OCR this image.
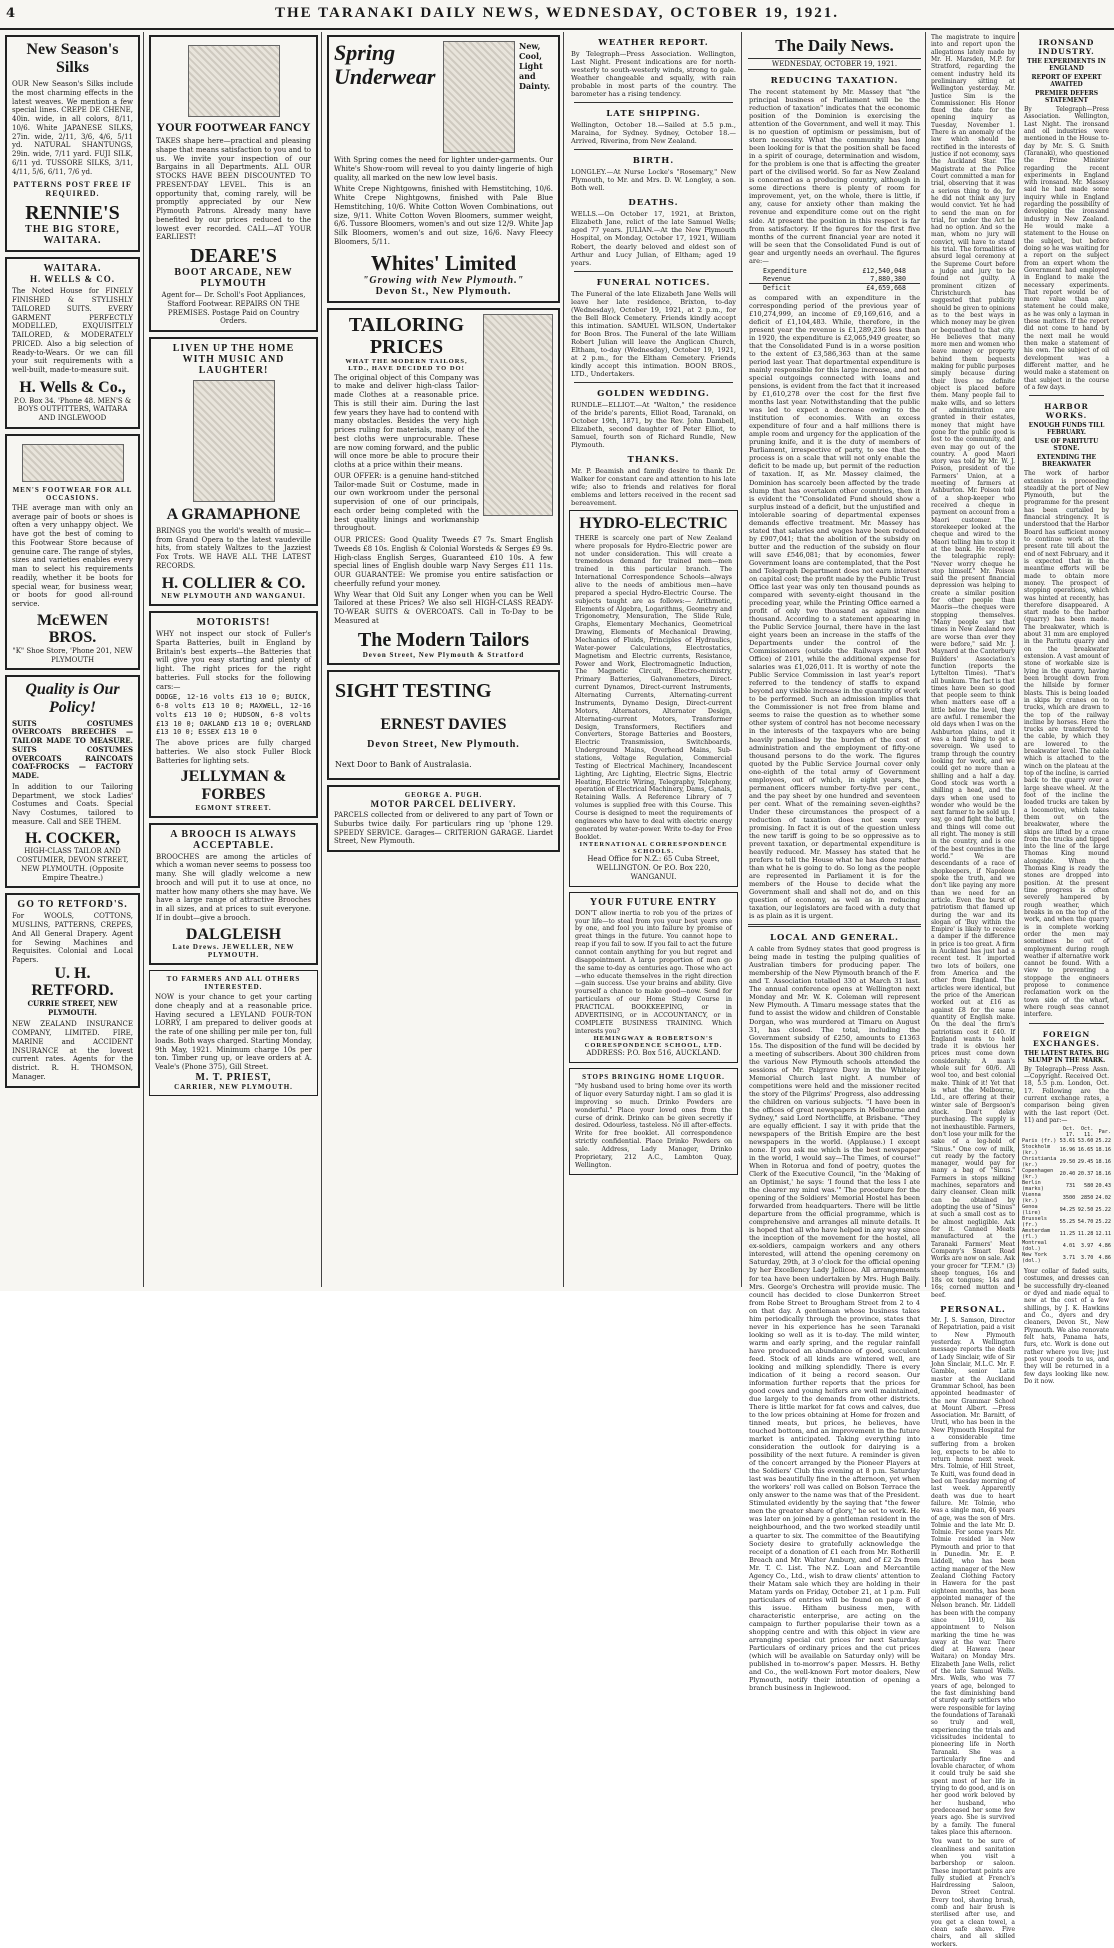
4	THE TARANAKI DAILY NEWS, WEDNESDAY, OCTOBER 19, 1921.
New Season's Silks
OUR New Season's Silks include the most charming effects in the latest weaves. We mention a few special lines. CREPE DE CHENE, 40in. wide, in all colors, 8/11, 10/6. White JAPANESE SILKS, 27in. wide, 2/11, 3/6, 4/6, 5/11 yd. NATURAL SHANTUNGS, 29in. wide, 7/11 yard. FUJI SILK, 6/11 yd. TUSSORE SILKS, 3/11, 4/11, 5/6, 6/11, 7/6 yd.
PATTERNS POST FREE IF REQUIRED.
RENNIE'S
THE BIG STORE, WAITARA.
WAITARA.
H. WELLS & CO.
The Noted House for FINELY FINISHED & STYLISHLY TAILORED SUITS. EVERY GARMENT PERFECTLY MODELLED, EXQUISITELY TAILORED, & MODERATELY PRICED. Also a big selection of Ready-to-Wears. Or we can fill your suit requirements with a well-built, made-to-measure suit.
H. Wells & Co.,
P.O. Box 34. 'Phone 48. MEN'S & BOYS OUTFITTERS, WAITARA AND INGLEWOOD
MEN'S FOOTWEAR FOR ALL OCCASIONS.
THE average man with only an average pair of boots or shoes is often a very unhappy object. We have got the best of coming to this Footwear Store because of genuine care. The range of styles, sizes and varieties enables every man to select his requirements readily, whether it be boots for special wear, for business wear, or boots for good all-round service.
McEWEN BROS.
"K" Shoe Store, 'Phone 201, NEW PLYMOUTH
Quality is Our Policy!
SUITS COSTUMES OVERCOATS BREECHES — TAILOR MADE TO MEASURE. SUITS COSTUMES OVERCOATS RAINCOATS COAT-FROCKS — FACTORY MADE.
In addition to our Tailoring Department, we stock Ladies' Costumes and Coats. Special Navy Costumes, tailored to measure. Call and SEE THEM.
H. COCKER,
HIGH-CLASS TAILOR AND COSTUMIER, DEVON STREET, NEW PLYMOUTH. (Opposite Empire Theatre.)
GO TO RETFORD'S.
For WOOLS, COTTONS, MUSLINS, PATTERNS, CREPES, And All General Drapery. Agent for Sewing Machines and Requisites. Colonial and Local Papers.
U. H. RETFORD.
CURRIE STREET, NEW PLYMOUTH.
NEW ZEALAND INSURANCE COMPANY, LIMITED. FIRE, MARINE and ACCIDENT INSURANCE at the lowest current rates. Agents for the district. R. H. THOMSON, Manager.
YOUR FOOTWEAR FANCY
TAKES shape here—practical and pleasing shape that means satisfaction to you and to us. We invite your inspection of our Bargains in all Departments. ALL OUR STOCKS HAVE BEEN DISCOUNTED TO PRESENT-DAY LEVEL. This is an opportunity that, coming rarely, will be promptly appreciated by our New Plymouth Patrons. Already many have benefited by our prices reduced to the lowest ever recorded. CALL—AT YOUR EARLIEST!
DEARE'S
BOOT ARCADE, NEW PLYMOUTH
Agent for— Dr. Scholl's Foot Appliances, Stafford Footwear. REPAIRS ON THE PREMISES. Postage Paid on Country Orders.
LIVEN UP THE HOME WITH MUSIC AND LAUGHTER!
A GRAMAPHONE
BRINGS you the world's wealth of music—from Grand Opera to the latest vaudeville hits, from stately Waltzes to the Jazziest Fox Trots. WE HAVE ALL THE LATEST RECORDS.
H. COLLIER & CO.
NEW PLYMOUTH AND WANGANUI.
MOTORISTS!
WHY not inspect our stock of Fuller's Sparta Batteries, built in England by Britain's best experts—the Batteries that will give you easy starting and plenty of light. The right prices for the right batteries. Full stocks for the following cars:—
DODGE, 12-16 volts £13 10 0; BUICK, 6-8 volts £13 10 0; MAXWELL, 12-16 volts £13 10 0; HUDSON, 6-8 volts £13 10 0; OAKLAND £13 10 0; OVERLAND £13 10 0; ESSEX £13 10 0
The above prices are fully charged batteries. We also stock Fuller Block Batteries for lighting sets.
JELLYMAN & FORBES
EGMONT STREET.
A BROOCH IS ALWAYS ACCEPTABLE.
BROOCHES are among the articles of which a woman never seems to possess too many. She will gladly welcome a new brooch and will put it to use at once, no matter how many others she may have. We have a large range of attractive Brooches in all sizes, and at prices to suit everyone. If in doubt—give a brooch.
DALGLEISH
Late Drews. JEWELLER, NEW PLYMOUTH.
TO FARMERS AND ALL OTHERS INTERESTED.
NOW is your chance to get your carting done cheaply and at a reasonable price. Having secured a LEYLAND FOUR-TON LORRY, I am prepared to deliver goods at the rate of one shilling per mile per ton, full loads. Both ways charged. Starting Monday, 9th May, 1921. Minimum charge 10s per ton. Timber rung up, or leave orders at A. Veale's (Phone 375), Gill Street.
M. T. PRIEST,
CARRIER, NEW PLYMOUTH.
Spring Underwear
New, Cool, Light and Dainty.
With Spring comes the need for lighter under-garments. Our White's Show-room will reveal to you dainty lingerie of high quality, all marked on the new low level basis.
White Crepe Nightgowns, finished with Hemstitching, 10/6. White Crepe Nightgowns, finished with Pale Blue Hemstitching, 10/6. White Cotton Woven Combinations, out size, 9/11. White Cotton Woven Bloomers, summer weight, 6/6. Tussore Bloomers, women's and out size 12/9. White Jap Silk Bloomers, women's and out size, 16/6. Navy Fleecy Bloomers, 5/11.
Whites' Limited
"Growing with New Plymouth."
Devon St., New Plymouth.
TAILORING PRICES
WHAT THE MODERN TAILORS, LTD., HAVE DECIDED TO DO!
The original object of this Company was to make and deliver high-class Tailor-made Clothes at a reasonable price. This is still their aim. During the last few years they have had to contend with many obstacles. Besides the very high prices ruling for materials, many of the best cloths were unprocurable. These are now coming forward, and the public will once more be able to procure their cloths at a price within their means.
OUR OFFER: is a genuine hand-stitched Tailor-made Suit or Costume, made in our own workroom under the personal supervision of one of our principals, each order being completed with the best quality linings and workmanship throughout.
OUR PRICES: Good Quality Tweeds £7 7s. Smart English Tweeds £8 10s. English & Colonial Worsteds & Serges £9 9s. High-class English Serges, Guaranteed £10 10s. A few special lines of English double warp Navy Serges £11 11s. OUR GUARANTEE: We promise you entire satisfaction or cheerfully refund your money.
Why Wear that Old Suit any Longer when you can be Well Tailored at these Prices? We also sell HIGH-CLASS READY-TO-WEAR SUITS & OVERCOATS. Call in To-Day to be Measured at
The Modern Tailors
Devon Street, New Plymouth & Stratford
SIGHT TESTING
ERNEST DAVIES
Devon Street, New Plymouth.
Next Door to Bank of Australasia.
GEORGE A. PUGH.
MOTOR PARCEL DELIVERY.
PARCELS collected from or delivered to any part of Town or Suburbs twice daily. For particulars ring up 'phone 129. SPEEDY SERVICE. Garages— CRITERION GARAGE. Liardet Street, New Plymouth.
WEATHER REPORT.
By Telegraph—Press Association. Wellington, Last Night. Present indications are for north-westerly to south-westerly winds, strong to gale. Weather changeable and squally, with rain probable in most parts of the country. The barometer has a rising tendency.
LATE SHIPPING.
Wellington, October 18.—Sailed at 5.5 p.m., Maraina, for Sydney. Sydney, October 18.—Arrived, Riverina, from New Zealand.
BIRTH.
LONGLEY.—At Nurse Locke's "Rosemary," New Plymouth, to Mr. and Mrs. D. W. Longley, a son. Both well.
DEATHS.
WELLS.—On October 17, 1921, at Brixton, Elizabeth Jane, relict of the late Samuel Wells; aged 77 years. JULIAN.—At the New Plymouth Hospital, on Monday, October 17, 1921, William Robert, the dearly beloved and eldest son of Arthur and Lucy Julian, of Eltham; aged 19 years.
FUNERAL NOTICES.
The Funeral of the late Elizabeth Jane Wells will leave her late residence, Brixton, to-day (Wednesday), October 19, 1921, at 2 p.m., for the Bell Block Cemetery. Friends kindly accept this intimation. SAMUEL WILSON, Undertaker for Boon Bros. The Funeral of the late William Robert Julian will leave the Anglican Church, Eltham, to-day (Wednesday), October 19, 1921, at 2 p.m., for the Eltham Cemetery. Friends kindly accept this intimation. BOON BROS., LTD., Undertakers.
GOLDEN WEDDING.
RUNDLE—ELLIOT.—At "Walton," the residence of the bride's parents, Elliot Road, Taranaki, on October 19th, 1871, by the Rev. John Dambell, Elizabeth, second daughter of Peter Elliot, to Samuel, fourth son of Richard Rundle, New Plymouth.
THANKS.
Mr. P. Beamish and family desire to thank Dr. Walker for constant care and attention to his late wife; also to friends and relatives for floral emblems and letters received in the recent sad bereavement.
HYDRO-ELECTRIC
THERE is scarcely one part of New Zealand where proposals for Hydro-Electric power are not under consideration. This will create a tremendous demand for trained men—men trained in this particular branch. The International Correspondence Schools—always alive to the needs of ambitious men—have prepared a special Hydro-Electric Course. The subjects taught are as follows:— Arithmetic, Elements of Algebra, Logarithms, Geometry and Trigonometry, Mensuration, The Slide Rule, Graphs, Elementary Mechanics, Geometrical Drawing, Elements of Mechanical Drawing, Mechanics of Fluids, Principles of Hydraulics, Water-power Calculations, Electrostatics, Magnetism and Electric currents, Resistance, Power and Work, Electromagnetic Induction, The Magnetic Circuit, Electro-chemistry, Primary Batteries, Galvanometers, Direct-current Dynamos, Direct-current Instruments, Alternating Currents, Alternating-current Instruments, Dynamo Design, Direct-current Motors, Alternators, Alternator Design, Alternating-current Motors, Transformer Design, Transformers, Rectifiers and Converters, Storage Batteries and Boosters, Electric Transmission, Switchboards, Underground Mains, Overhead Mains, Sub-stations, Voltage Regulation, Commercial Testing of Electrical Machinery, Incandescent Lighting, Arc Lighting, Electric Signs, Electric Heating, Electric Wiring, Telegraphy, Telephony, operation of Electrical Machinery, Dams, Canals, Retaining Walls. A Reference Library of 7 volumes is supplied free with this Course. This Course is designed to meet the requirements of engineers who have to deal with electric energy generated by water-power. Write to-day for Free Booklet.
INTERNATIONAL CORRESPONDENCE SCHOOLS.
Head Office for N.Z.: 65 Cuba Street, WELLINGTON. Or P.O. Box 220, WANGANUI.
YOUR FUTURE ENTRY
DON'T allow inertia to rob you of the prizes of your life—to steal from you your best years one by one, and fool you into failure by promise of great things in the future. You cannot hope to reap if you fail to sow. If you fail to act the future cannot contain anything for you but regret and disappointment. A large proportion of men go the same to-day as centuries ago. Those who act—who educate themselves in the right direction—gain success. Use your brains and ability. Give yourself a chance to make good—now. Send for particulars of our Home Study Course in PRACTICAL BOOKKEEPING, or in ADVERTISING, or in ACCOUNTANCY, or in COMPLETE BUSINESS TRAINING. Which interests you?
HEMINGWAY & ROBERTSON'S CORRESPONDENCE SCHOOL, LTD.
ADDRESS: P.O. Box 516, AUCKLAND.
STOPS BRINGING HOME LIQUOR.
"My husband used to bring home over its worth of liquor every Saturday night. I am so glad it is improving so much. Drinko Powders are wonderful." Place your loved ones from the curse of drink. Drinko can be given secretly if desired. Odourless, tasteless. No ill after-effects. Write for free booklet. All correspondence strictly confidential. Place Drinko Powders on sale. Address, Lady Manager, Drinko Proprietary, 212 A.C., Lambton Quay, Wellington.
The Daily News.
WEDNESDAY, OCTOBER 19, 1921.
REDUCING TAXATION.
The recent statement by Mr. Massey that "the principal business of Parliament will be the reduction of taxation" indicates that the economic position of the Dominion is exercising the attention of the Government, and well it may. This is no question of optimism or pessimism, but of stern necessity. What the community has long been looking for is that the position shall be faced in a spirit of courage, determination and wisdom, for the problem is one that is affecting the greater part of the civilised world. So far as New Zealand is concerned as a producing country, although in some directions there is plenty of room for improvement, yet, on the whole, there is little, if any, cause for anxiety other than making the revenue and expenditure come out on the right side. At present the position in this respect is far from satisfactory. If the figures for the first five months of the current financial year are noted it will be seen that the Consolidated Fund is out of gear and urgently needs an overhaul. The figures are:—
Expenditure	£12,540,048
Revenue	7,880,380
Deficit	£4,659,668
as compared with an expenditure in the corresponding period of the previous year of £10,274,999, an income of £9,169,616, and a deficit of £1,104,483. While, therefore, in the present year the revenue is £1,289,236 less than in 1920, the expenditure is £2,065,949 greater, so that the Consolidated Fund is in a worse position to the extent of £3,586,363 than at the same period last year. That departmental expenditure is mainly responsible for this large increase, and not special outgoings connected with loans and pensions, is evident from the fact that it increased by £1,610,278 over the cost for the first five months last year. Notwithstanding that the public was led to expect a decrease owing to the institution of economies. With an excess expenditure of four and a half millions there is ample room and urgency for the application of the pruning knife, and it is the duty of members of Parliament, irrespective of party, to see that the process is on a scale that will not only enable the deficit to be made up, but permit of the reduction of taxation. If, as Mr. Massey claimed, the Dominion has scarcely been affected by the trade slump that has overtaken other countries, then it is evident the "Consolidated Fund should show a surplus instead of a deficit, but the unjustified and intolerable soaring of departmental expenses demands effective treatment. Mr. Massey has stated that salaries and wages have been reduced by £907,041; that the abolition of the subsidy on butter and the reduction of the subsidy on flour will save £546,081; that by economies, fewer Government loans are contemplated, that the Post and Telegraph Department does not earn interest on capital cost; the profit made by the Public Trust Office last year was only ten thousand pounds as compared with seventy-eight thousand in the preceding year, while the Printing Office earned a profit of only two thousand as against nine thousand. According to a statement appearing in the Public Service Journal, there have in the last eight years been an increase in the staffs of the Departments under the control of the Commissioners (outside the Railways and Post Office) of 2101, while the additional expense for salaries was £1,026,011. It is worthy of note the Public Service Commission in last year's report referred to the tendency of staffs to expand beyond any visible increase in the quantity of work to be performed. Such an admission implies that the Commissioner is not free from blame and seems to raise the question as to whether some other system of control has not become necessary in the interests of the taxpayers who are being heavily penalised by the burden of the cost of administration and the employment of fifty-one thousand persons to do the work. The figures quoted by the Public Service Journal cover only one-eighth of the total army of Government employees, out of which, in eight years, the permanent officers number forty-five per cent., and the pay sheet by one hundred and seventeen per cent. What of the remaining seven-eighths? Under these circumstances the prospect of a reduction of taxation does not seem very promising. In fact it is out of the question unless the new tariff is going to be so oppressive as to prevent taxation, or departmental expenditure is heavily reduced. Mr. Massey has stated that he prefers to tell the House what he has done rather than what he is going to do. So long as the people are represented in Parliament it is for the members of the House to decide what the Government shall and shall not do, and on this question of economy, as well as in reducing taxation, our legislators are faced with a duty that is as plain as it is urgent.
LOCAL AND GENERAL.
A cable from Sydney states that good progress is being made in testing the pulping qualities of Australian timbers for producing paper. The membership of the New Plymouth branch of the F. and T. Association totalled 330 at March 31 last. The annual conference opens at Wellington next Monday and Mr. W. K. Coleman will represent New Plymouth. A Timaru message states that the fund to assist the widow and children of Constable Dorgan, who was murdered at Timaru on August 31, has closed. The total, including the Government subsidy of £250, amounts to £1363 15s. The disposition of the fund will be decided by a meeting of subscribers. About 300 children from the various New Plymouth schools attended the sessions of Mr. Palgrave Davy in the Whiteley Memorial Church last night. A number of competitions were held and the missioner recited the story of the Pilgrims' Progress, also addressing the children on various subjects. "I have been in the offices of great newspapers in Melbourne and Sydney," said Lord Northcliffe, at Brisbane. "They are equally efficient. I say it with pride that the newspapers of the British Empire are the best newspapers in the world. (Applause.) I except none. If you ask me which is the best newspaper in the world, I would say—The Times, of course!" When in Rotorua and fond of poetry, quotes the Clerk of the Executive Council, "in the 'Making of an Optimist,' he says: 'I found that the less I ate the clearer my mind was.'" The procedure for the opening of the Soldiers' Memorial Hostel has been forwarded from headquarters. There will be little departure from the official programme, which is comprehensive and arranges all minute details. It is hoped that all who have helped in any way since the inception of the movement for the hostel, all ex-soldiers, campaign workers and any others interested, will attend the opening ceremony on Saturday, 29th, at 3 o'clock for the official opening by her Excellency Lady Jellicoe. All arrangements for tea have been undertaken by Mrs. Hugh Baily. Mrs. George's Orchestra will provide music. The council has decided to close Dunkerron Street from Robe Street to Brougham Street from 2 to 4 on that day. A gentleman whose business takes him periodically through the province, states that never in his experience has he seen Taranaki looking so well as it is to-day. The mild winter, warm and early spring, and the regular rainfall have produced an abundance of good, succulent feed. Stock of all kinds are wintered well, are looking and milking splendidly. There is every indication of it being a record season. Our information further reports that the prices for good cows and young heifers are well maintained, due largely to the demands from other districts. There is little market for fat cows and calves, due to the low prices obtaining at Home for frozen and tinned meats, but prices, he believes, have touched bottom, and an improvement in the future market is anticipated. Taking everything into consideration the outlook for dairying is a possibility of the next future. A reminder is given of the concert arranged by the Pioneer Players at the Soldiers' Club this evening at 8 p.m. Saturday last was beautifully fine in the afternoon, yet when the workers' roll was called on Bolson Terrace the only answer to the name was that of the President. Stimulated evidently by the saying that "the fewer men the greater share of glory," he set to work. He was later on joined by a gentleman resident in the neighbourhood, and the two worked steadily until a quarter to six. The committee of the Beautifying Society desire to gratefully acknowledge the receipt of a donation of £1 each from Mr. Rotherill Breach and Mr. Walter Ambury, and of £2 2s from Mr. T. C. List. The N.Z. Loan and Mercantile Agency Co., Ltd., wish to draw clients' attention to their Matam sale which they are holding in their Matam yards on Friday, October 21, at 1 p.m. Full particulars of entries will be found on page 8 of this issue. Hitham business men, with characteristic enterprise, are acting on the campaign to further popularise their town as a shopping centre and with this object in view are arranging special cut prices for next Saturday. Particulars of ordinary prices and the cut prices (which will be available on Saturday only) will be published in to-morrow's paper. Messrs. H. Bethy and Co., the well-known Fort motor dealers, New Plymouth, notify their intention of opening a branch business in Inglewood.
The magistrate to inquire into and report upon the allegations lately made by Mr. H. Marsden, M.P. for Stratford, regarding the cement industry held its preliminary sitting at Wellington yesterday. Mr. Justice Sim is the Commissioner. His Honor fixed the date for the opening inquiry as Tuesday, November 1. There is an anomaly of the law which should be rectified in the interests of justice if not economy, says the Auckland Star. The Magistrate at the Police Court committed a man for trial, observing that it was a serious thing to do, for he did not think any jury would convict. Yet he had to send the man on for trial, for under the Act he had no option. And so the man, whom no jury will convict, will have to stand his trial. The formalities of absurd legal ceremony at the Supreme Court before a judge and jury to be found not guilty. A prominent citizen of Christchurch has suggested that publicity should be given to opinions as to the best ways in which money may be given or bequeathed to that city. He believes that many more men and women who leave money or property behind them bequests making for public purposes simply because during their lives no definite object is placed before them. Many people fail to make wills, and so letters of administration are granted in their estates, money that might have gone for the public good is lost to the community, and even may go out of the country. A good Maori story was told by Mr. W. J. Poison, president of the Farmers' Union, at a meeting of farmers at Ashburton. Mr. Poison told of a shop-keeper who received a cheque in payment on account from a Maori customer. The storekeeper looked at the cheque and wired to the Maori telling him to stop it at the bank. He received the telegraphic reply: "Never worry cheque he stop himself." Mr. Poison said the present financial depression was helping to create a similar position for other people than Maoris—the cheques were stopping themselves. "Many people say that times in New Zealand now are worse than ever they were before," said Mr. J. Maynard at the Canterbury Builders' Association's function (reports the Lyttelton Times). "That's all bunkum. The fact is that times have been so good that people seem to think when matters ease off a little below the level, they are awful. I remember the old days when I was on the Ashburton plains, and it was a hard thing to get a sovereign. We used to tramp through the country looking for work, and we could get no more than a shilling and a half a day. Good stock was worth a shilling a head, and the days when one used to wonder who would be the next farmer to be sold up. I say, go and fight the battle, and things will come out all right. The money is still in the country, and is one of the best countries in the world." We are descendants of a race of shopkeepers, if Napoleon spoke the truth, and we don't like paying any more than we need for an article. Even the burst of patriotism that flamed up during the war and its slogan of 'Buy within the Empire' is likely to receive a damper if the difference in price is too great. A firm in Auckland has just had a recent test. It imported two lots of boilers, one from America and the other from England. The articles were identical, but the price of the American worked out at £16 as against £8 for the same quantity of English make. On the deal the firm's patriotism cost it £40. If England wants to hold trade it is obvious her prices must come down considerably. A man's whole suit for 60/6. All wool too, and best colonial make. Think of it! Yet that is what the Melbourne, Ltd., are offering at their winter sale of Bergsoon's stock. Don't delay purchasing. The supply is not inexhaustible. Farmers, don't lose your milk for the sake of a leg-hold of "Sinus." One cow of milk, cut ready by the factory manager, would pay for many a bag of "Sinus." Farmers in stops milking machines, separators and dairy cleanser. Clean milk can be obtained by adopting the use of "Sinus" at such a small cost as to be almost negligible. Ask for it. Canned Meats manufactured at the Taranaki Farmers' Meat Company's Smart Road Works are now on sale. Ask your grocer for "T.F.M." (3) sheep tongues, 16s and 18s ox tongues; 14s and 16s; corned mutton and beef.
PERSONAL.
Mr. J. S. Samson, Director of Repatriation, paid a visit to New Plymouth yesterday. A Wellington message reports the death of Lady Sinclair, wife of Sir John Sinclair, M.L.C. Mr. F. Gamble, senior Latin master at the Auckland Grammar School, has been appointed headmaster of the new Grammar School at Mount Albert. —Press Association. Mr. Barnitt, of Urutl, who has been in the New Plymouth Hospital for a considerable time suffering from a broken leg, expects to be able to return home next week. Mrs. Tolmie, of Hill Street, Te Kuiti, was found dead in bed on Tuesday morning of last week. Apparently death was due to heart failure. Mr. Tolmie, who was a single man, 46 years of age, was the son of Mrs. Tolmie and the late Mr. D. Tolmie. For some years Mr. Tolmie resided in New Plymouth and prior to that in Dunedin. Mr. E. P. Liddell, who has been acting manager of the New Zealand Clothing Factory in Hawera for the past eighteen months, has been appointed manager of the Nelson branch. Mr. Liddell has been with the company since 1910, his appointment to Nelson marking the time he was away at the war. There died at Hawera (near Waitara) on Monday Mrs. Elizabeth Jane Wells, relict of the late Samuel Wells. Mrs. Wells, who was 77 years of age, belonged to the fast diminishing band of sturdy early settlers who were responsible for laying the foundations of Taranaki so truly and well, experiencing the trials and vicissitudes incidental to pioneering life in North Taranaki. She was a particularly fine and lovable character, of whom it could truly be said she spent most of her life in trying to do good, and is on her good work beloved by her husband, who predeceased her some few years ago. She is survived by a family. The funeral takes place this afternoon.
You want to be sure of cleanliness and sanitation when you visit a barbershop or saloon. These important points are fully studied at French's Hairdressing Saloon, Devon Street Central. Every tool, shaving brush, comb and hair brush is sterilised after use, and you get a clean towel, a clean safe shave. Five chairs, and all skilled workers.
IRONSAND INDUSTRY.
THE EXPERIMENTS IN ENGLAND
REPORT OF EXPERT AWAITED
PREMIER DEFERS STATEMENT
By Telegraph—Press Association. Wellington, Last Night. The ironsand and oil industries were mentioned in the House to-day by Mr. S. G. Smith (Taranaki), who questioned the Prime Minister regarding the recent experiments in England with ironsand. Mr. Massey said he had made some inquiry while in England regarding the possibility of developing the ironsand industry in New Zealand. He would make a statement to the House on the subject, but before doing so he was waiting for a report on the subject from an expert whom the Government had employed in England to make the necessary experiments. That report would be of more value than any statement he could make, as he was only a layman in these matters. If the report did not come to hand by the next mail he would then make a statement of his own. The subject of oil development was a different matter, and he would make a statement on that subject in the course of a few days.
HARBOR WORKS.
ENOUGH FUNDS TILL FEBRUARY.
USE OF PARITUTU STONE.
EXTENDING THE BREAKWATER
The work of harbor extension is proceeding steadily at the port of New Plymouth, but the programme for the present has been curtailed by financial stringency. It is understood that the Harbor Board has sufficient money to continue work at the present rate till about the end of next February, and it is expected that in the meantime efforts will be made to obtain more money. The prospect of stopping operations, which was hinted at recently, has therefore disappeared. A start made to the harbor (quarry) has been made. The breakwater, which is about 31 mm are employed in the Paritutu quarry and on the breakwater extension. A vast amount of stone of workable size is lying in the quarry, having been brought down from the hillside by former blasts. This is being loaded in skips by cranes on to trucks, which are drawn to the top of the railway incline by horses. Here the trucks are transferred to the cable, by which they are lowered to the breakwater level. The cable which is attached to the winch on the plateau at the top of the incline, is carried back to the quarry over a large sheave wheel. At the foot of the incline the loaded trucks are taken by a locomotive, which takes them out on the breakwater, where the skips are lifted by a crane from the trucks and tipped into the line of the large Thomas King mound alongside. When the Thomas King is ready the stones are dropped into position. At the present time progress is often severely hampered by rough weather, which breaks in on the top of the work, and when the quarry is in complete working order the men may sometimes be out of employment during rough weather if alternative work cannot be found. With a view to preventing a stoppage the engineers propose to commence reclamation work on the town side of the wharf, where rough seas cannot interfere.
FOREIGN EXCHANGES.
THE LATEST RATES. BIG SLUMP IN THE MARK.
By Telegraph—Press Assn.—Copyright. Received Oct. 18, 5.5 p.m. London, Oct. 17. Following are the current exchange rates, a comparison being given with the last report (Oct. 11) and par:—
	Oct. 17.	Oct. 11.	Par.
Paris (fr.)	53.61	53.60	25.22
Stockholm (kr.)	16.96	16.65	18.16
Christiania (kr.)	29.50	29.45	18.16
Copenhagen (kr.)	20.40	20.37	18.16
Berlin (marks)	731	580	20.43
Vienna (kr.)	3500	2850	24.02
Genoa (lire)	94.25	92.50	25.22
Brussels (fr.)	55.25	54.70	25.22
Amsterdam (fl.)	11.25	11.28	12.11
Montreal (dol.)	4.01	3.97	4.86
New York (dol.)	3.71	3.70	4.86
Your collar of faded suits, costumes, and dresses can be successfully dry-cleaned or dyed and made equal to new at the cost of a few shillings, by J. K. Hawkins and Co., dyers and dry cleaners, Devon St., New Plymouth. We also renovate felt hats, Panama hats, furs, etc. Work is done out rather where you live; just post your goods to us, and they will be returned in a few days looking like new. Do it now.
